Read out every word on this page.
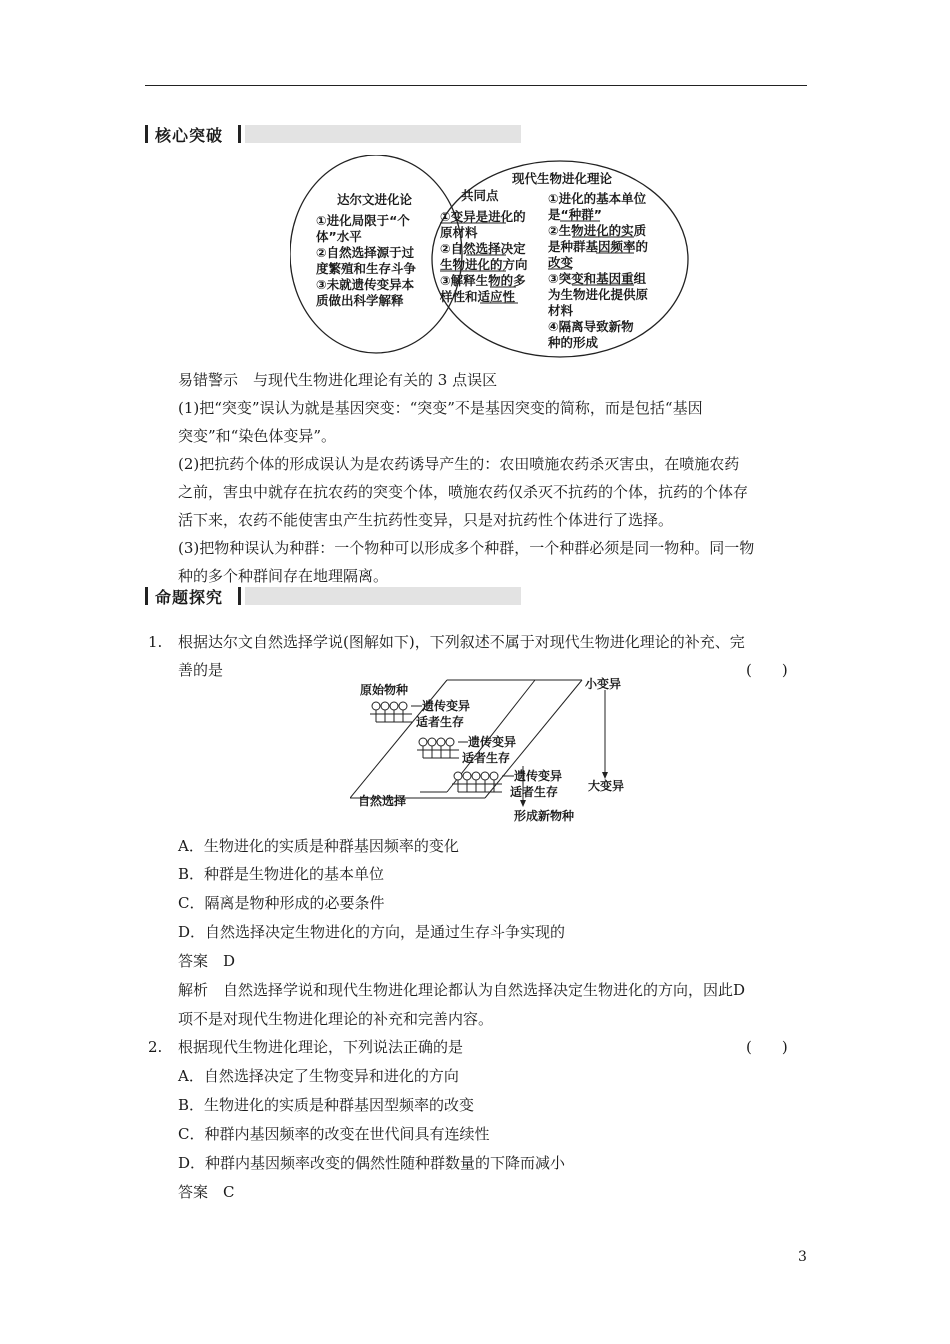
核心突破
达尔文进化论
①进化局限于“个
体”水平
②自然选择源于过
度繁殖和生存斗争
③未就遗传变异本
质做出科学解释
共同点
①变异是进化的
原材料
②自然选择决定
生物进化的方向
③解释生物的多
样性和适应性
现代生物进化理论
①进化的基本单位
是“种群”
②生物进化的实质
是种群基因频率的
改变
③突变和基因重组
为生物进化提供原
材料
④隔离导致新物
种的形成
易错警示　与现代生物进化理论有关的 3 点误区
(1)把“突变”误认为就是基因突变：“突变”不是基因突变的简称，而是包括“基因
突变”和“染色体变异”。
(2)把抗药个体的形成误认为是农药诱导产生的：农田喷施农药杀灭害虫，在喷施农药
之前，害虫中就存在抗农药的突变个体，喷施农药仅杀灭不抗药的个体，抗药的个体存
活下来，农药不能使害虫产生抗药性变异，只是对抗药性个体进行了选择。
(3)把物种误认为种群：一个物种可以形成多个种群，一个种群必须是同一物种。同一物
种的多个种群间存在地理隔离。
命题探究
1. 根据达尔文自然选择学说(图解如下)，下列叙述不属于对现代生物进化理论的补充、完
善的是	(　　)
原始物种
遗传变异
适者生存
遗传变异
适者生存
遗传变异
适者生存
自然选择
小变异
大变异
形成新物种
A．生物进化的实质是种群基因频率的变化
B．种群是生物进化的基本单位
C．隔离是物种形成的必要条件
D．自然选择决定生物进化的方向，是通过生存斗争实现的
答案　D
解析　自然选择学说和现代生物进化理论都认为自然选择决定生物进化的方向，因此D
项不是对现代生物进化理论的补充和完善内容。
2. 根据现代生物进化理论，下列说法正确的是	(　　)
A．自然选择决定了生物变异和进化的方向
B．生物进化的实质是种群基因型频率的改变
C．种群内基因频率的改变在世代间具有连续性
D．种群内基因频率改变的偶然性随种群数量的下降而减小
答案　C
3
